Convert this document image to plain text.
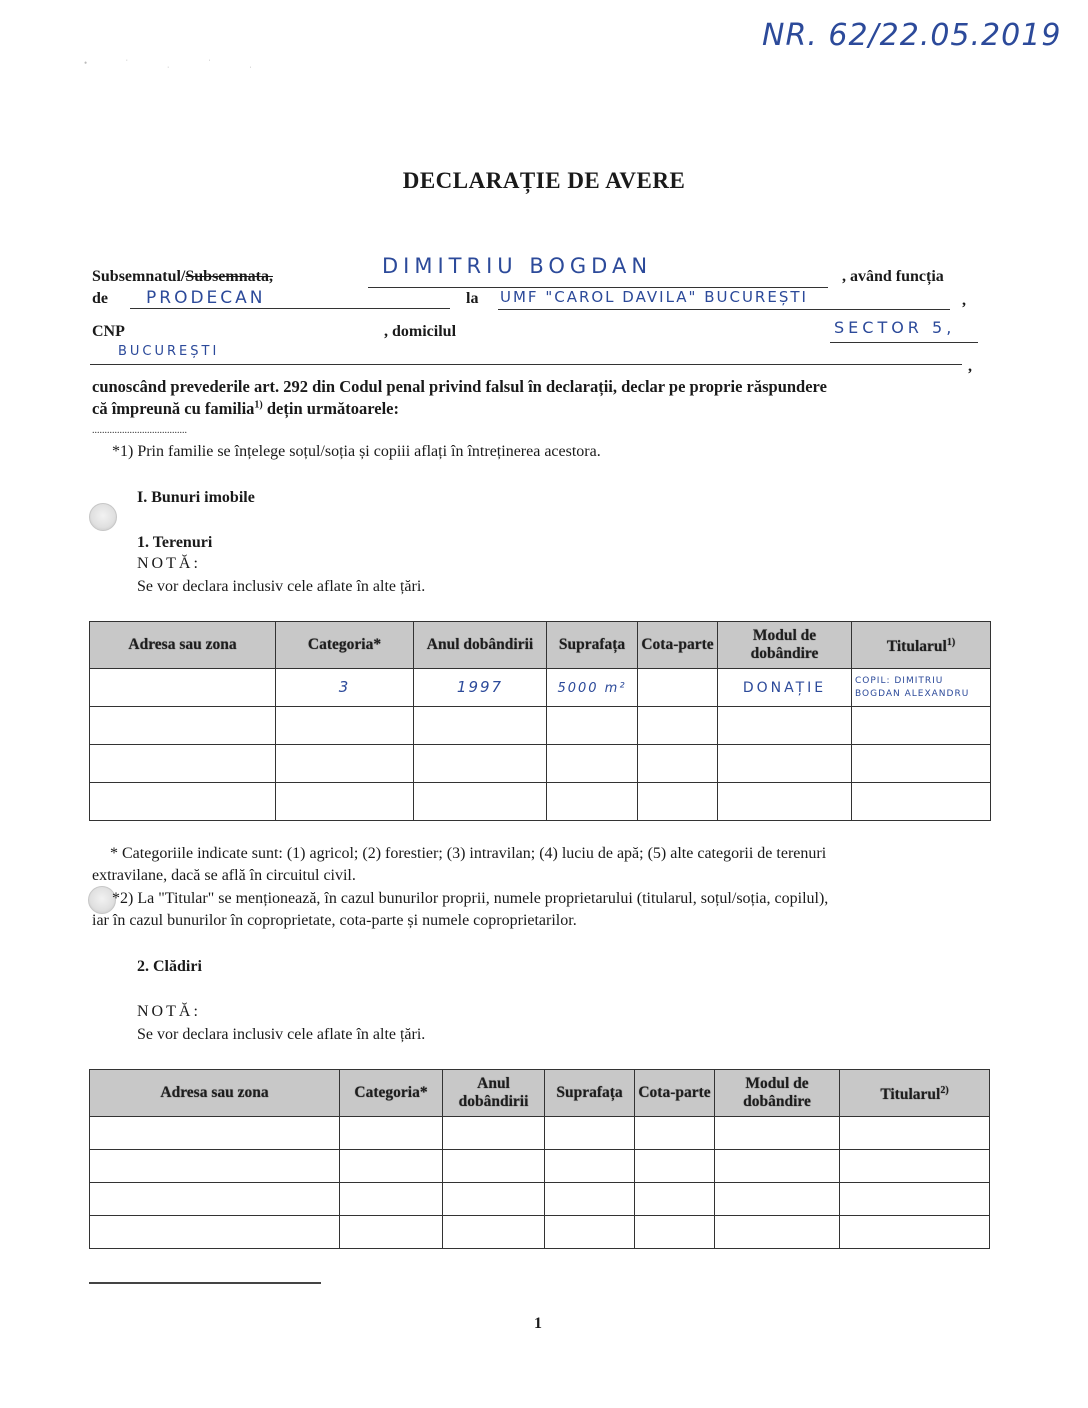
NR. 62/22.05.2019
• ˈ ˌ ˈ ˌ
DECLARAȚIE DE AVERE
Subsemnatul/Subsemnata,	DIMITRIU BOGDAN	, având funcția
de PRODECAN	la UMF "CAROL DAVILA" BUCUREȘTI	,
CNP	, domicilul	SECTOR 5,
BUCUREȘTI
,
cunoscând prevederile art. 292 din Codul penal privind falsul în declarații, declar pe proprie răspundere
că împreună cu familia$^{1)}$ dețin următoarele:
......................................
*1) Prin familie se înțelege soțul/soția și copiii aflați în întreținerea acestora.
I. Bunuri imobile
1. Terenuri
NOTĂ:
Se vor declara inclusiv cele aflate în alte țări.
Adresa sau zona	Categoria*	Anul dobândirii	Suprafața	Cota-parte	Modul de dobândire	Titularul$^{1)}$
	3	1997	5000 m²		DONAȚIE	COPIL: DIMITRIU BOGDAN ALEXANDRU

* Categoriile indicate sunt: (1) agricol; (2) forestier; (3) intravilan; (4) luciu de apă; (5) alte categorii de terenuri
extravilane, dacă se află în circuitul civil.
*2) La "Titular" se menționează, în cazul bunurilor proprii, numele proprietarului (titularul, soțul/soția, copilul),
iar în cazul bunurilor în coproprietate, cota-parte și numele coproprietarilor.
2. Clădiri
NOTĂ:
Se vor declara inclusiv cele aflate în alte țări.
Adresa sau zona	Categoria*	Anul dobândirii	Suprafața	Cota-parte	Modul de dobândire	Titularul$^{2)}$

1
